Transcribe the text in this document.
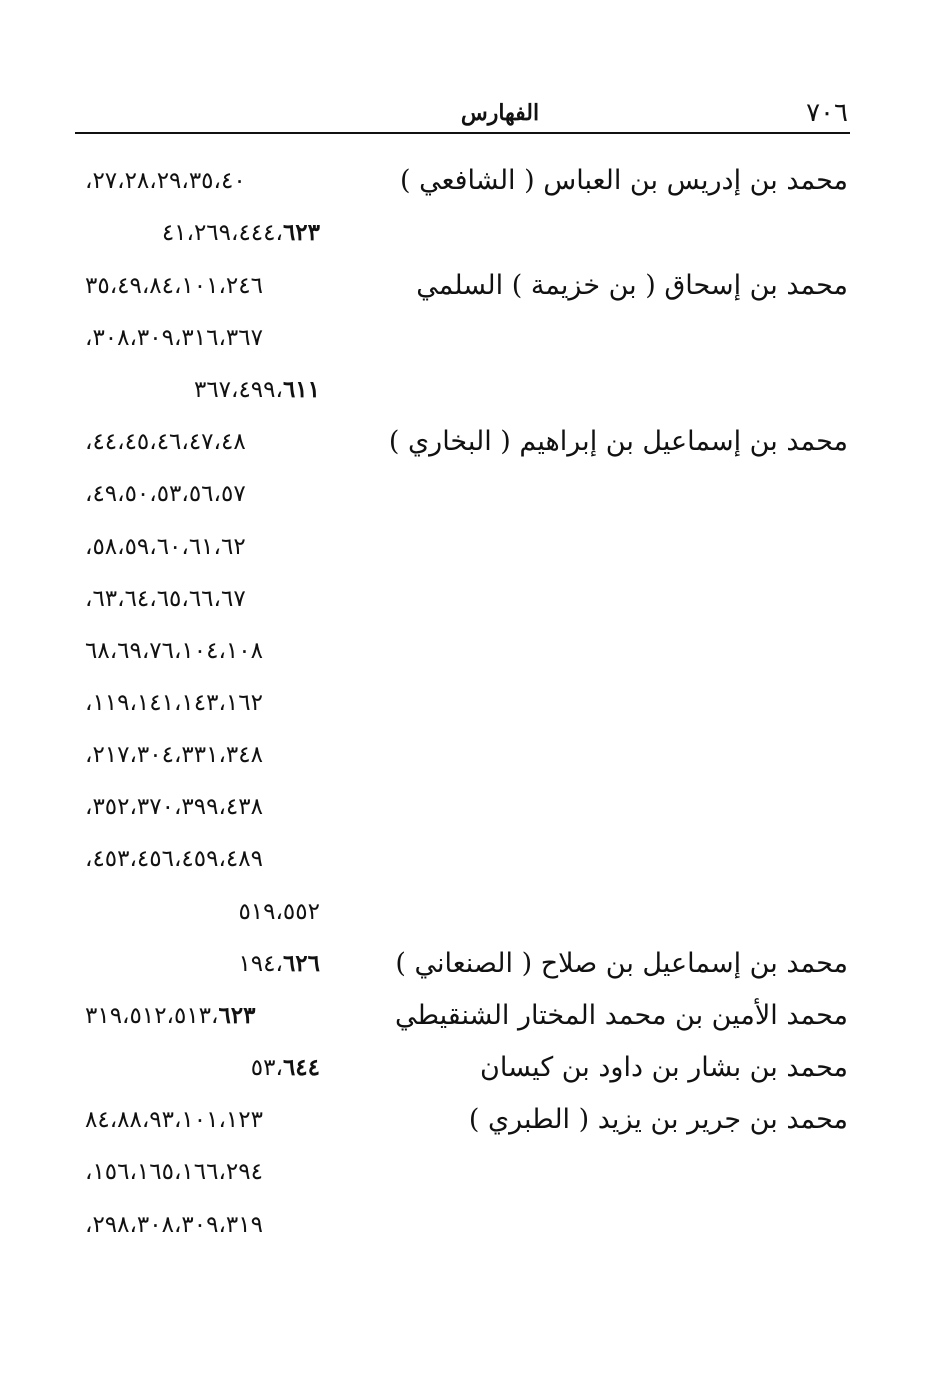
الفهارس	٧٠٦
محمد بن إدريس بن العباس ( الشافعي )
٢٧،٢٨،٢٩،٣٥،٤٠،
٤١،٢٦٩،٤٤٤،٦٢٣
محمد بن إسحاق ( بن خزيمة ) السلمي
٣٥،٤٩،٨٤،١٠١،٢٤٦
٣٠٨،٣٠٩،٣١٦،٣٦٧،
٣٦٧،٤٩٩،٦١١
محمد بن إسماعيل بن إبراهيم ( البخاري )
٤٤،٤٥،٤٦،٤٧،٤٨،
٤٩،٥٠،٥٣،٥٦،٥٧،
٥٨،٥٩،٦٠،٦١،٦٢،
٦٣،٦٤،٦٥،٦٦،٦٧،
٦٨،٦٩،٧٦،١٠٤،١٠٨
١١٩،١٤١،١٤٣،١٦٢،
٢١٧،٣٠٤،٣٣١،٣٤٨،
٣٥٢،٣٧٠،٣٩٩،٤٣٨،
٤٥٣،٤٥٦،٤٥٩،٤٨٩،
٥١٩،٥٥٢
محمد بن إسماعيل بن صلاح ( الصنعاني )
١٩٤،٦٢٦
محمد الأمين بن محمد المختار الشنقيطي
٣١٩،٥١٢،٥١٣،٦٢٣
محمد بن بشار بن داود بن كيسان
٥٣،٦٤٤
محمد بن جرير بن يزيد ( الطبري )
٨٤،٨٨،٩٣،١٠١،١٢٣
١٥٦،١٦٥،١٦٦،٢٩٤،
٢٩٨،٣٠٨،٣٠٩،٣١٩،
